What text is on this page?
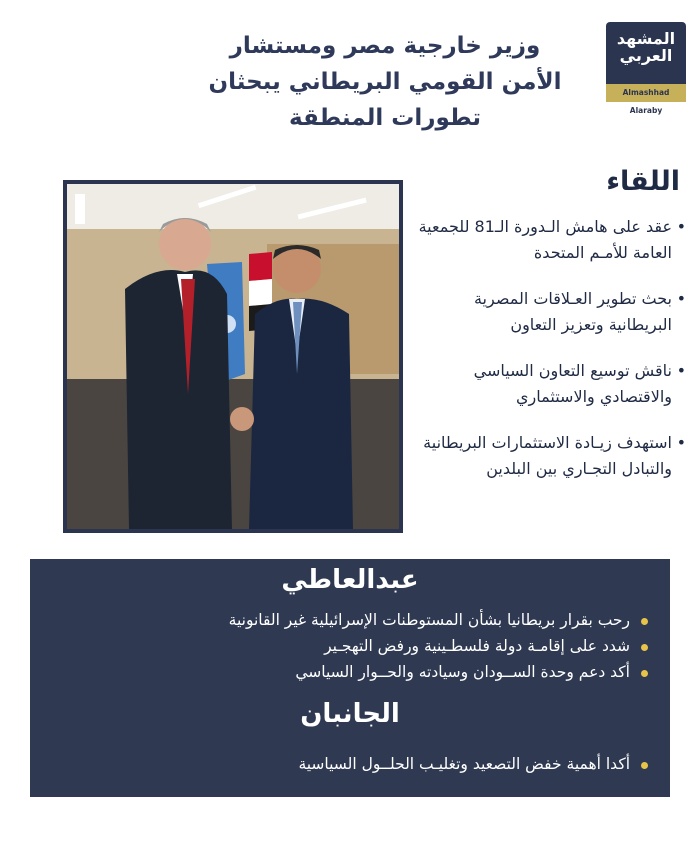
المشهد
العربي
Almashhad Alaraby
وزير خارجية مصر ومستشار
الأمن القومي البريطاني يبحثان
تطورات المنطقة
اللقاء
• عقد على هامش الـدورة الـ81 للجمعية العامة للأمـم المتحدة
• بحث تطوير العـلاقات المصرية البريطانية وتعزيز التعاون
• ناقش توسيع التعاون السياسي والاقتصادي والاستثماري
• استهدف زيـادة الاستثمارات البريطانية والتبادل التجـاري بين البلدين
عبدالعاطي
رحب بقرار بريطانيا بشأن المستوطنات الإسرائيلية غير القانونية
شدد على إقامـة دولة فلسطـينية ورفض التهجـير
أكد دعم وحدة الســودان وسيادته والحــوار السياسي
الجانبان
أكدا أهمية خفض التصعيد وتغليـب الحلــول السياسية
